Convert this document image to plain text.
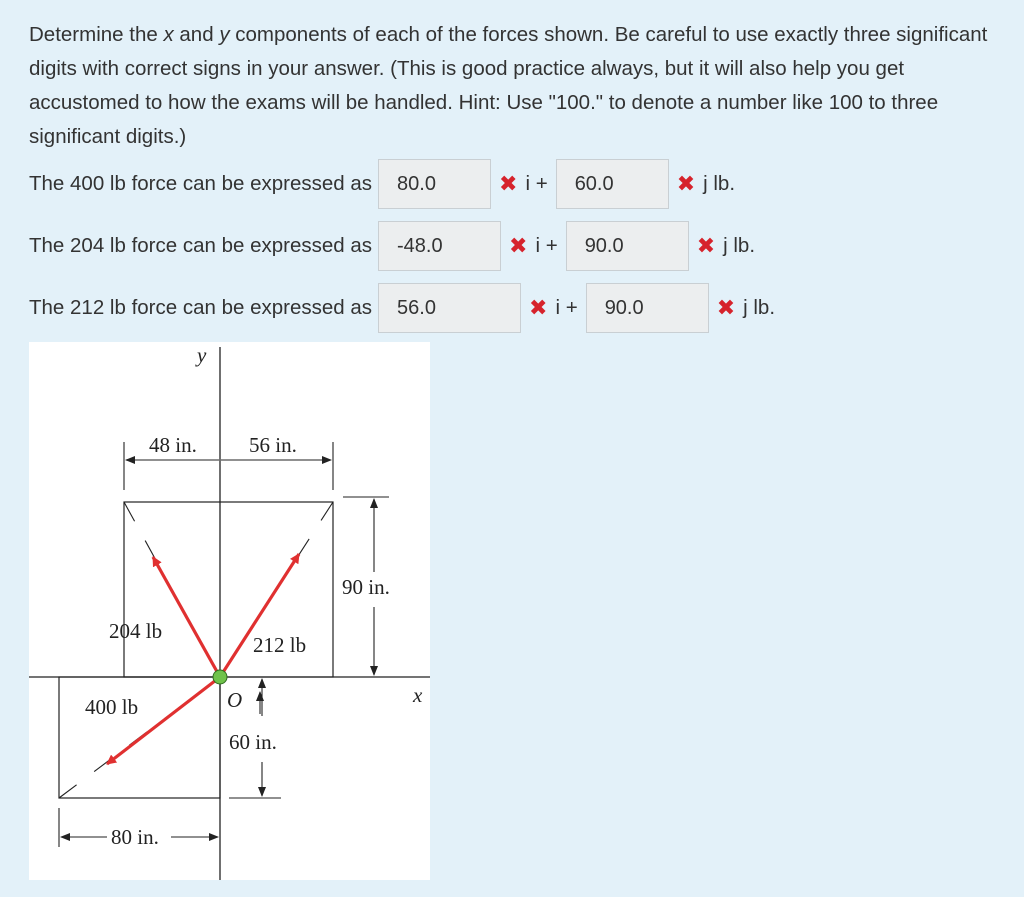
Determine the x and y components of each of the forces shown. Be careful to use exactly three significant digits with correct signs in your answer. (This is good practice always, but it will also help you get accustomed to how the exams will be handled. Hint: Use "100." to denote a number like 100 to three significant digits.)
The 400 lb force can be expressed as	80.0	✖ i +	60.0	✖ j lb.
The 204 lb force can be expressed as	-48.0	✖ i +	90.0	✖ j lb.
The 212 lb force can be expressed as	56.0	✖ i +	90.0	✖ j lb.
48 in. 56 in.
90 in.
60 in.
80 in.
y
x
O
204 lb
212 lb
400 lb
